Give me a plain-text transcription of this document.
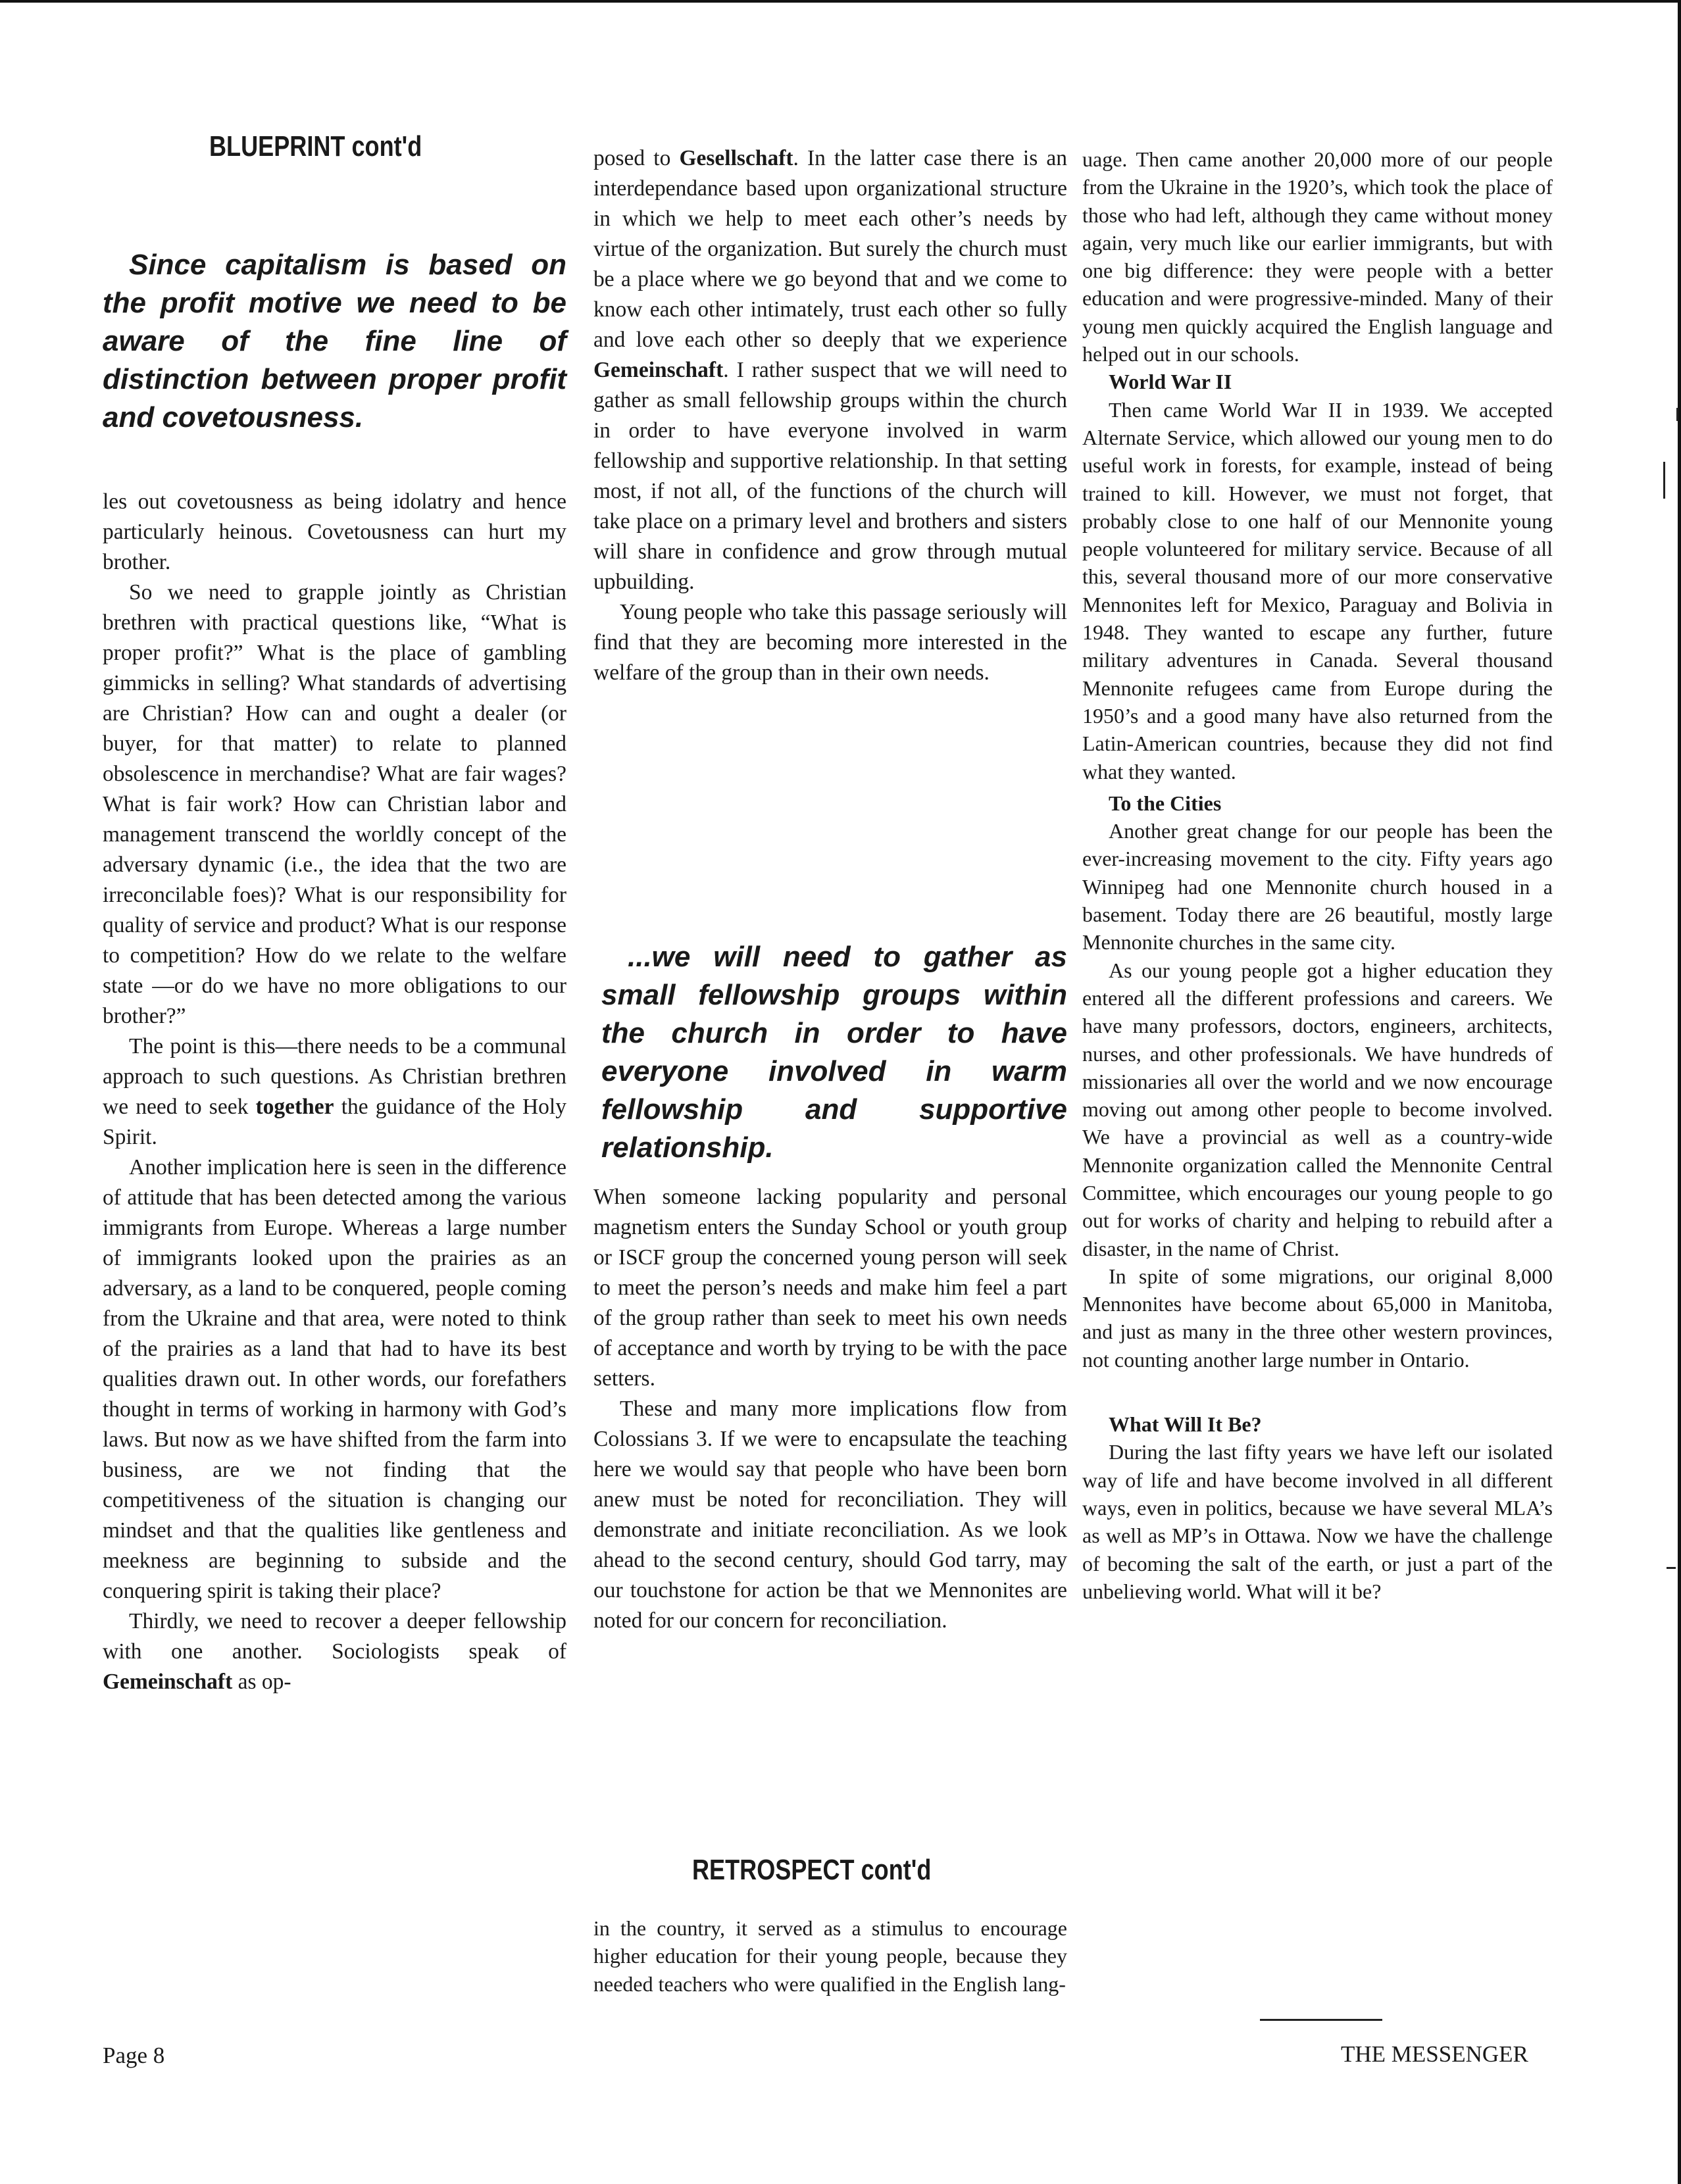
BLUEPRINT cont'd

Since capitalism is based on the profit motive we need to be aware of the fine line of distinction between proper profit and covetousness.

les out covetousness as being idolatry and hence particularly heinous. Covetousness can hurt my brother.

So we need to grapple jointly as Christian brethren with practical questions like, “What is proper profit?” What is the place of gambling gimmicks in selling? What standards of advertising are Christian? How can and ought a dealer (or buyer, for that matter) to relate to planned obsolescence in merchandise? What are fair wages? What is fair work? How can Christian labor and management transcend the worldly concept of the adversary dynamic (i.e., the idea that the two are irreconcilable foes)? What is our responsibility for quality of service and product? What is our response to competition? How do we relate to the welfare state —or do we have no more obligations to our brother?”

The point is this—there needs to be a communal approach to such questions. As Christian brethren we need to seek together the guidance of the Holy Spirit.

Another implication here is seen in the difference of attitude that has been detected among the various immigrants from Europe. Whereas a large number of immigrants looked upon the prairies as an adversary, as a land to be conquered, people coming from the Ukraine and that area, were noted to think of the prairies as a land that had to have its best qualities drawn out. In other words, our forefathers thought in terms of working in harmony with God’s laws. But now as we have shifted from the farm into business, are we not finding that the competitiveness of the situation is changing our mindset and that the qualities like gentleness and meekness are beginning to subside and the conquering spirit is taking their place?

Thirdly, we need to recover a deeper fellowship with one another. Sociologists speak of Gemeinschaft as op-

Page 8

posed to Gesellschaft. In the latter case there is an interdependance based upon organizational structure in which we help to meet each other’s needs by virtue of the organization. But surely the church must be a place where we go beyond that and we come to know each other intimately, trust each other so fully and love each other so deeply that we experience Gemeinschaft. I rather suspect that we will need to gather as small fellowship groups within the church in order to have everyone involved in warm fellowship and supportive relationship. In that setting most, if not all, of the functions of the church will take place on a primary level and brothers and sisters will share in confidence and grow through mutual upbuilding.

Young people who take this passage seriously will find that they are becoming more interested in the welfare of the group than in their own needs.

...we will need to gather as small fellowship groups within the church in order to have everyone involved in warm fellowship and supportive relationship.

When someone lacking popularity and personal magnetism enters the Sunday School or youth group or ISCF group the concerned young person will seek to meet the person’s needs and make him feel a part of the group rather than seek to meet his own needs of acceptance and worth by trying to be with the pace setters.

These and many more implications flow from Colossians 3. If we were to encapsulate the teaching here we would say that people who have been born anew must be noted for reconciliation. They will demonstrate and initiate reconciliation. As we look ahead to the second century, should God tarry, may our touchstone for action be that we Mennonites are noted for our concern for reconciliation.

RETROSPECT cont'd

in the country, it served as a stimulus to encourage higher education for their young people, because they needed teachers who were qualified in the English lang-

uage. Then came another 20,000 more of our people from the Ukraine in the 1920’s, which took the place of those who had left, although they came without money again, very much like our earlier immigrants, but with one big difference: they were people with a better education and were progressive-minded. Many of their young men quickly acquired the English language and helped out in our schools.

World War II

Then came World War II in 1939. We accepted Alternate Service, which allowed our young men to do useful work in forests, for example, instead of being trained to kill. However, we must not forget, that probably close to one half of our Mennonite young people volunteered for military service. Because of all this, several thousand more of our more conservative Mennonites left for Mexico, Paraguay and Bolivia in 1948. They wanted to escape any further, future military adventures in Canada. Several thousand Mennonite refugees came from Europe during the 1950’s and a good many have also returned from the Latin-American countries, because they did not find what they wanted.

To the Cities

Another great change for our people has been the ever-increasing movement to the city. Fifty years ago Winnipeg had one Mennonite church housed in a basement. Today there are 26 beautiful, mostly large Mennonite churches in the same city.

As our young people got a higher education they entered all the different professions and careers. We have many professors, doctors, engineers, architects, nurses, and other professionals. We have hundreds of missionaries all over the world and we now encourage moving out among other people to become involved. We have a provincial as well as a country-wide Mennonite organization called the Mennonite Central Committee, which encourages our young people to go out for works of charity and helping to rebuild after a disaster, in the name of Christ.

In spite of some migrations, our original 8,000 Mennonites have become about 65,000 in Manitoba, and just as many in the three other western provinces, not counting another large number in Ontario.

What Will It Be?

During the last fifty years we have left our isolated way of life and have become involved in all different ways, even in politics, because we have several MLA’s as well as MP’s in Ottawa. Now we have the challenge of becoming the salt of the earth, or just a part of the unbelieving world. What will it be?

THE MESSENGER
